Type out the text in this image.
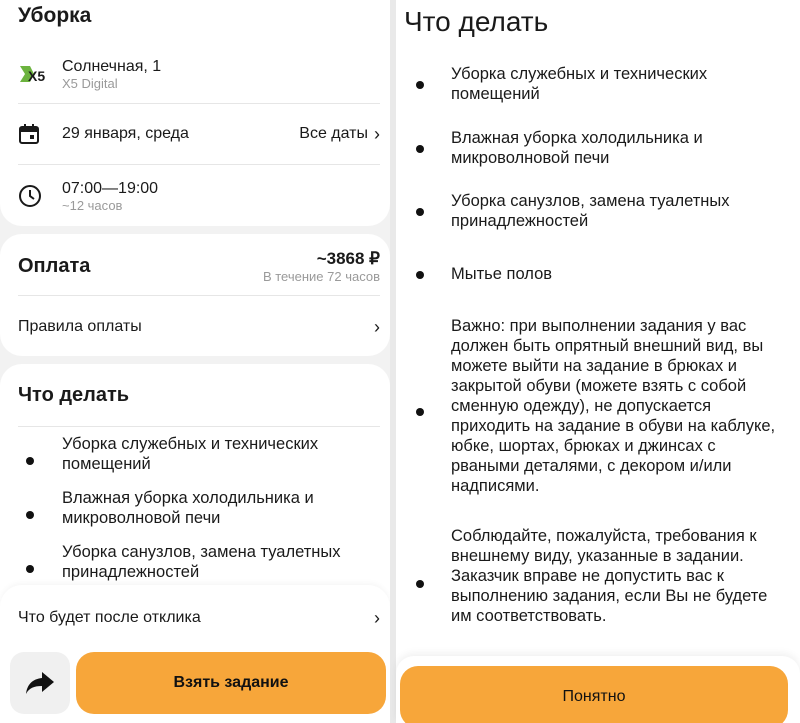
Уборка
X5
Солнечная, 1
X5 Digital
29 января, среда	Все даты ›
07:00—19:00
~12 часов
Оплата	~3868 ₽
В течение 72 часов
Правила оплаты	›
Что делать
Уборка служебных и технических помещений
Влажная уборка холодильника и микроволновой печи
Уборка санузлов, замена туалетных принадлежностей
Что будет после отклика	›
Взять задание
Что делать
Уборка служебных и технических помещений
Влажная уборка холодильника и микроволновой печи
Уборка санузлов, замена туалетных принадлежностей
Мытье полов
Важно: при выполнении задания у вас должен быть опрятный внешний вид, вы можете выйти на задание в брюках и закрытой обуви (можете взять с собой сменную одежду), не допускается приходить на задание в обуви на каблуке, юбке, шортах, брюках и джинсах с рваными деталями, с декором и/или надписями.
Соблюдайте, пожалуйста, требования к внешнему виду, указанные в задании. Заказчик вправе не допустить вас к выполнению задания, если Вы не будете им соответствовать.
Понятно
